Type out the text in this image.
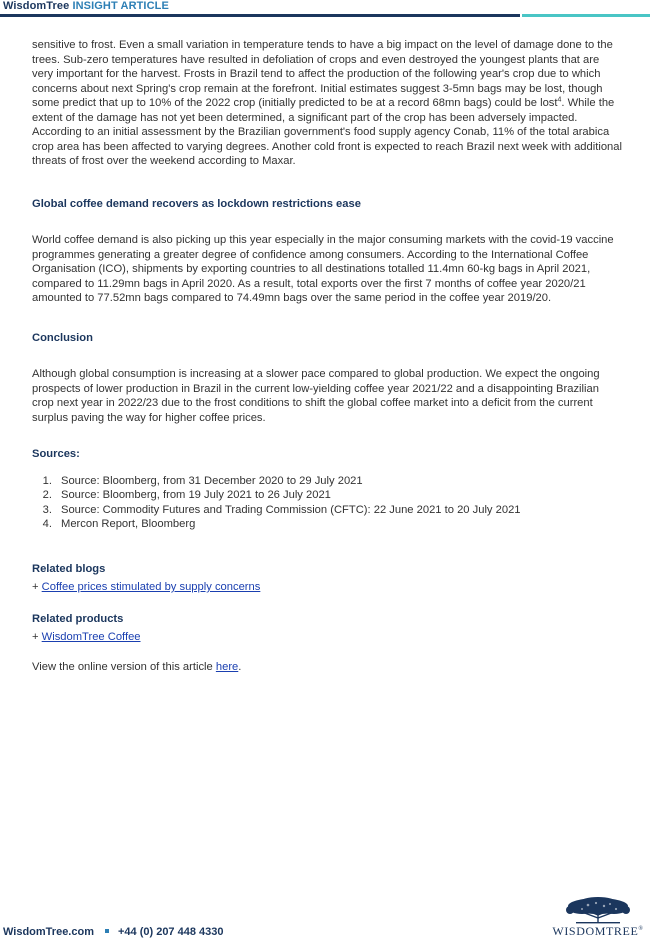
WisdomTree INSIGHT ARTICLE

sensitive to frost. Even a small variation in temperature tends to have a big impact on the level of damage done to the trees. Sub-zero temperatures have resulted in defoliation of crops and even destroyed the youngest plants that are very important for the harvest. Frosts in Brazil tend to affect the production of the following year's crop due to which concerns about next Spring's crop remain at the forefront. Initial estimates suggest 3-5mn bags may be lost, though some predict that up to 10% of the 2022 crop (initially predicted to be at a record 68mn bags) could be lost$^4$. While the extent of the damage has not yet been determined, a significant part of the crop has been adversely impacted. According to an initial assessment by the Brazilian government's food supply agency Conab, 11% of the total arabica crop area has been affected to varying degrees. Another cold front is expected to reach Brazil next week with additional threats of frost over the weekend according to Maxar.

Global coffee demand recovers as lockdown restrictions ease

World coffee demand is also picking up this year especially in the major consuming markets with the covid-19 vaccine programmes generating a greater degree of confidence among consumers. According to the International Coffee Organisation (ICO), shipments by exporting countries to all destinations totalled 11.4mn 60-kg bags in April 2021, compared to 11.29mn bags in April 2020. As a result, total exports over the first 7 months of coffee year 2020/21 amounted to 77.52mn bags compared to 74.49mn bags over the same period in the coffee year 2019/20.

Conclusion

Although global consumption is increasing at a slower pace compared to global production. We expect the ongoing prospects of lower production in Brazil in the current low-yielding coffee year 2021/22 and a disappointing Brazilian crop next year in 2022/23 due to the frost conditions to shift the global coffee market into a deficit from the current surplus paving the way for higher coffee prices.

Sources:

1. Source: Bloomberg, from 31 December 2020 to 29 July 2021
2. Source: Bloomberg, from 19 July 2021 to 26 July 2021
3. Source: Commodity Futures and Trading Commission (CFTC): 22 June 2021 to 20 July 2021
4. Mercon Report, Bloomberg

Related blogs

+ Coffee prices stimulated by supply concerns

Related products

+ WisdomTree Coffee

View the online version of this article here.

WisdomTree.com +44 (0) 207 448 4330	WISDOMTREE®
